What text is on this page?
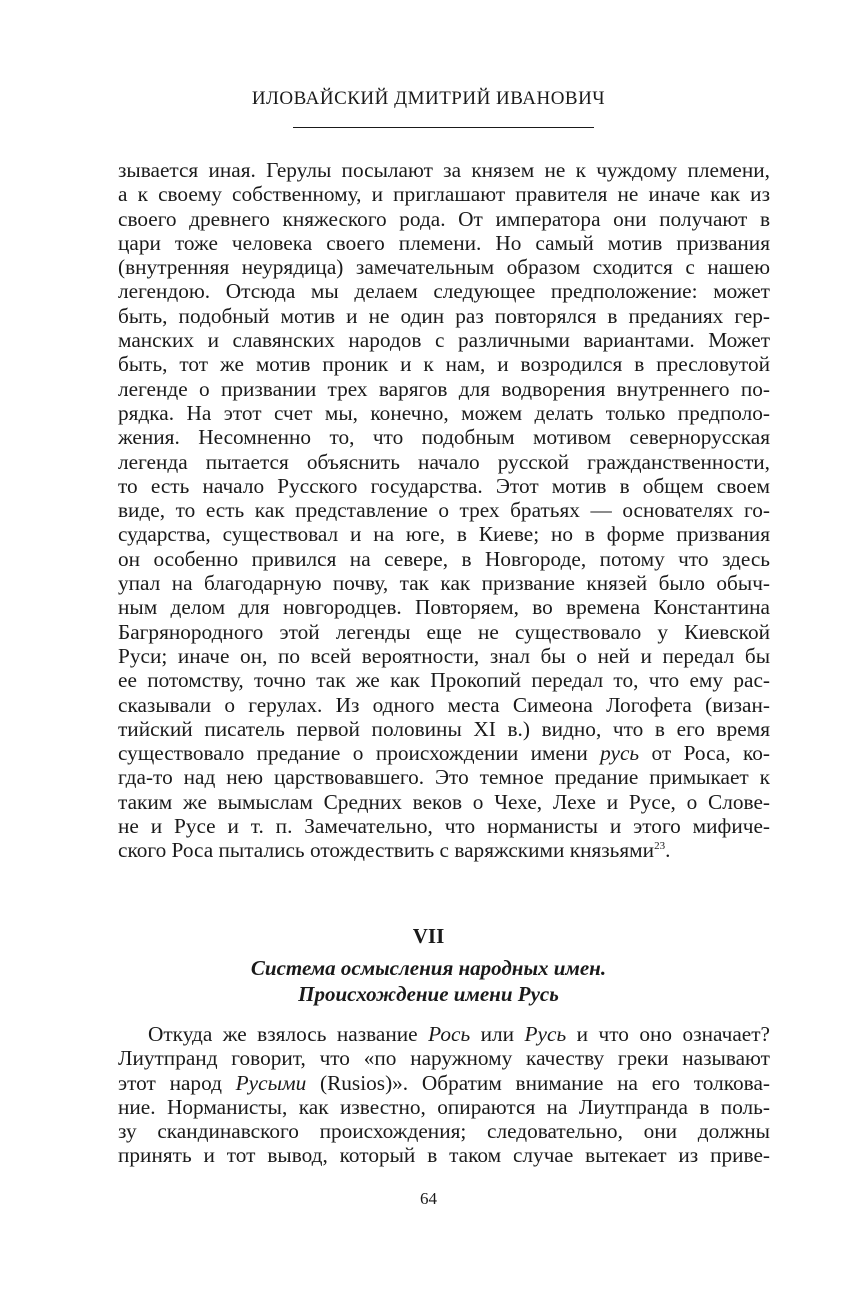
ИЛОВАЙСКИЙ ДМИТРИЙ ИВАНОВИЧ
зывается иная. Герулы посылают за князем не к чуждому племени,
а к своему собственному, и приглашают правителя не иначе как из
своего древнего княжеского рода. От императора они получают в
цари тоже человека своего племени. Но самый мотив призвания
(внутренняя неурядица) замечательным образом сходится с нашею
легендою. Отсюда мы делаем следующее предположение: может
быть, подобный мотив и не один раз повторялся в преданиях гер-
манских и славянских народов с различными вариантами. Может
быть, тот же мотив проник и к нам, и возродился в пресловутой
легенде о призвании трех варягов для водворения внутреннего по-
рядка. На этот счет мы, конечно, можем делать только предполо-
жения. Несомненно то, что подобным мотивом севернорусская
легенда пытается объяснить начало русской гражданственности,
то есть начало Русского государства. Этот мотив в общем своем
виде, то есть как представление о трех братьях — основателях го-
сударства, существовал и на юге, в Киеве; но в форме призвания
он особенно привился на севере, в Новгороде, потому что здесь
упал на благодарную почву, так как призвание князей было обыч-
ным делом для новгородцев. Повторяем, во времена Константина
Багрянородного этой легенды еще не существовало у Киевской
Руси; иначе он, по всей вероятности, знал бы о ней и передал бы
ее потомству, точно так же как Прокопий передал то, что ему рас-
сказывали о герулах. Из одного места Симеона Логофета (визан-
тийский писатель первой половины XI в.) видно, что в его время
существовало предание о происхождении имени русь от Роса, ко-
гда-то над нею царствовавшего. Это темное предание примыкает к
таким же вымыслам Средних веков о Чехе, Лехе и Русе, о Слове-
не и Русе и т. п. Замечательно, что норманисты и этого мифиче-
ского Роса пытались отождествить с варяжскими князьями$^{23}$.
VII
Система осмысления народных имен.
Происхождение имени Русь
Откуда же взялось название Рось или Русь и что оно означает?
Лиутпранд говорит, что «по наружному качеству греки называют
этот народ Русыми (Rusios)». Обратим внимание на его толкова-
ние. Норманисты, как известно, опираются на Лиутпранда в поль-
зу скандинавского происхождения; следовательно, они должны
принять и тот вывод, который в таком случае вытекает из приве-
64
